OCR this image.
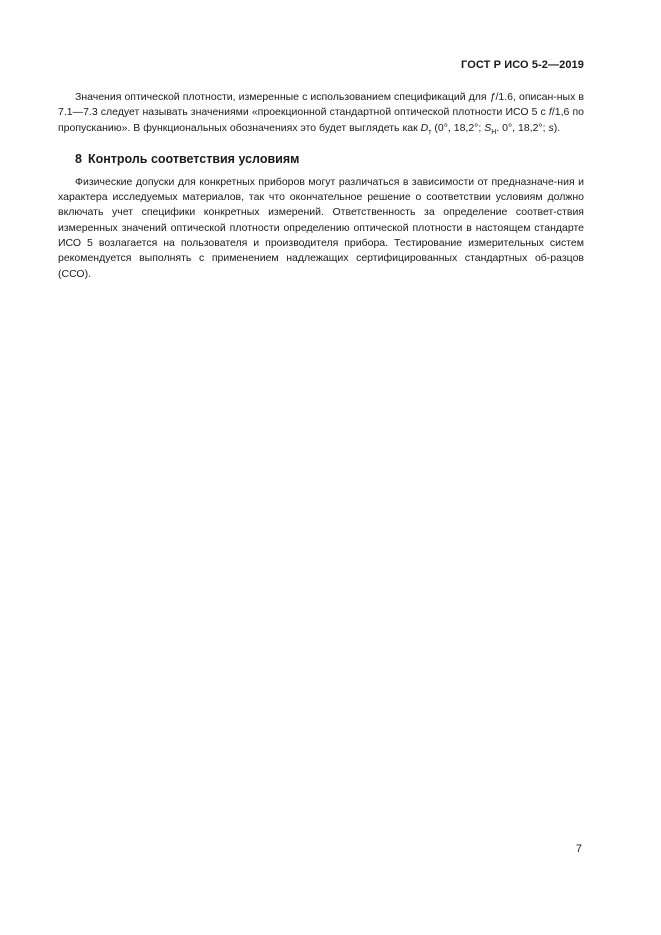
ГОСТ Р ИСО 5-2—2019

Значения оптической плотности, измеренные с использованием спецификаций для ƒ/1.6, описан-ных в 7.1—7.3 следует называть значениями «проекционной стандартной оптической плотности ИСО 5 с f/1,6 по пропусканию». В функциональных обозначениях это будет выглядеть как $D_т$ (0°, 18,2°; $S_H$. 0°, 18,2°; s).

8 Контроль соответствия условиям

Физические допуски для конкретных приборов могут различаться в зависимости от предназначе-ния и характера исследуемых материалов, так что окончательное решение о соответствии условиям должно включать учет специфики конкретных измерений. Ответственность за определение соответ-ствия измеренных значений оптической плотности определению оптической плотности в настоящем стандарте ИСО 5 возлагается на пользователя и производителя прибора. Тестирование измерительных систем рекомендуется выполнять с применением надлежащих сертифицированных стандартных об-разцов (ССО).

7
